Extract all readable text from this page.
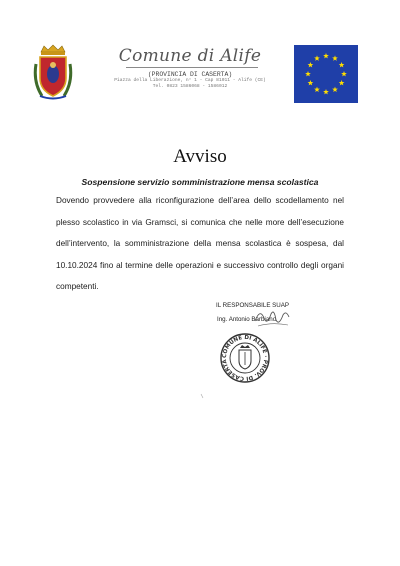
Comune di Alife
(PROVINCIA DI CASERTA)
Piazza della Liberazione, n° 1 - Cap 81011 - Alife (CE)
Tel. 0823 1586068 - 1586012
Avviso
Sospensione servizio somministrazione mensa scolastica
Dovendo provvedere alla riconfigurazione dell’area dello scodellamento nel plesso scolastico in via Gramsci, si comunica che nelle more dell’esecuzione dell’intervento, la somministrazione della mensa scolastica è sospesa, dal 10.10.2024 fino al termine delle operazioni e successivo controllo degli organi competenti.
IL RESPONSABILE SUAP
Ing. Antonio Barbiano
COMUNE DI ALIFE · PROV. DI CASERTA
